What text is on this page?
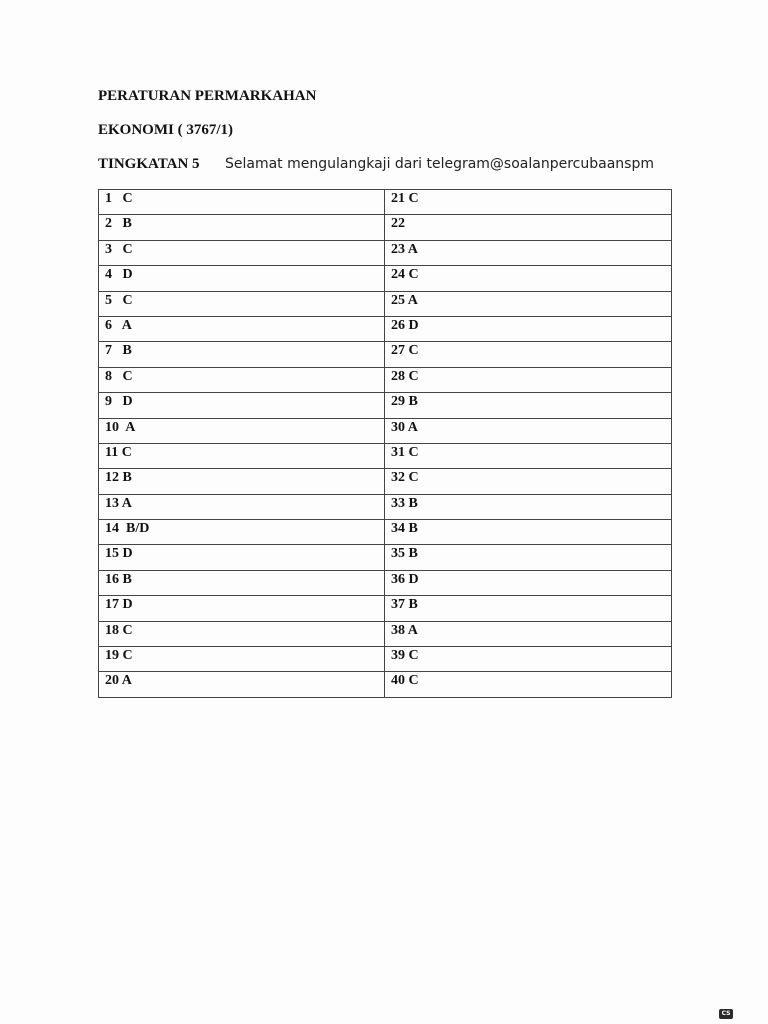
PERATURAN PERMARKAHAN
EKONOMI ( 3767/1)
TINGKATAN 5 Selamat mengulangkaji dari telegram@soalanpercubaanspm
1   C	21 C
2   B	22
3   C	23 A
4   D	24 C
5   C	25 A
6   A	26 D
7   B	27 C
8   C	28 C
9   D	29 B
10  A	30 A
11 C	31 C
12 B	32 C
13 A	33 B
14  B/D	34 B
15 D	35 B
16 B	36 D
17 D	37 B
18 C	38 A
19 C	39 C
20 A	40 C
CS
